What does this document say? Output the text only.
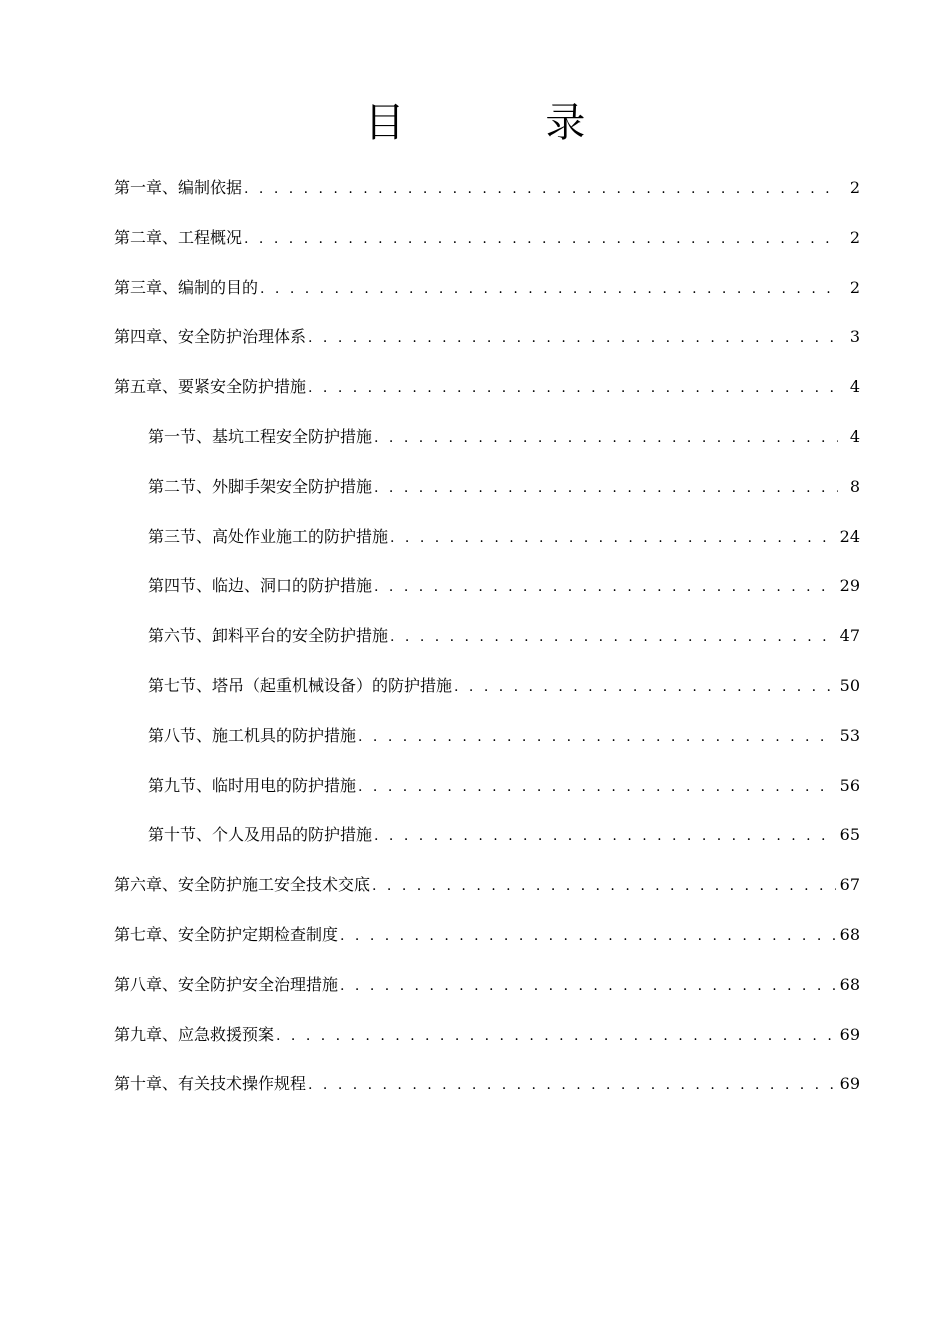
目 录
第一章、编制依据 . . .	2
第二章、工程概况 . . .	2
第三章、编制的目的 . . .	2
第四章、安全防护治理体系 . . .	3
第五章、要紧安全防护措施 . . .	4
第一节、基坑工程安全防护措施 . . .	4
第二节、外脚手架安全防护措施 . . .	8
第三节、高处作业施工的防护措施 . . .	24
第四节、临边、洞口的防护措施 . . .	29
第六节、卸料平台的安全防护措施 . . .	47
第七节、塔吊（起重机械设备）的防护措施 . . .	50
第八节、施工机具的防护措施 . . .	53
第九节、临时用电的防护措施 . . .	56
第十节、个人及用品的防护措施 . . .	65
第六章、安全防护施工安全技术交底 . . .	67
第七章、安全防护定期检查制度 . . .	68
第八章、安全防护安全治理措施 . . .	68
第九章、应急救援预案 . . .	69
第十章、有关技术操作规程 . . .	69
